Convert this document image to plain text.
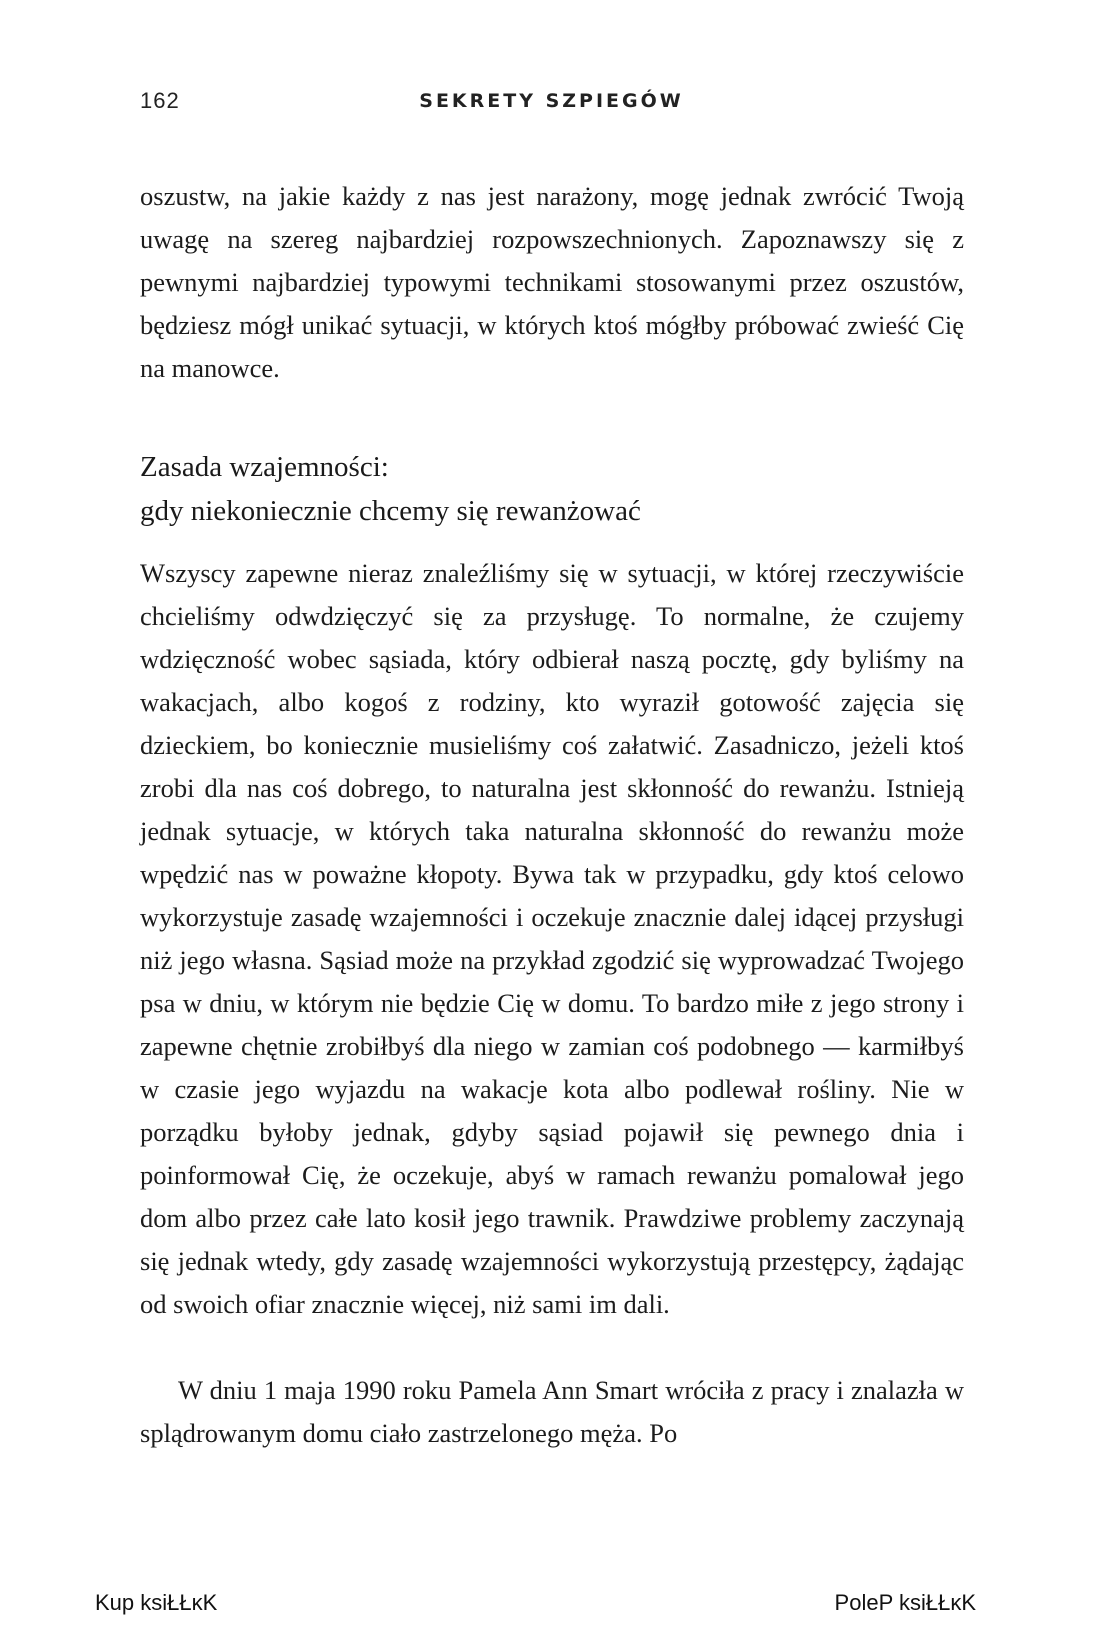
162	SEKRETY SZPIEGÓW

oszustw, na jakie każdy z nas jest narażony, mogę jednak zwrócić Twoją uwagę na szereg najbardziej rozpowszechnionych. Zapoznawszy się z pewnymi najbardziej typowymi technikami stosowanymi przez oszustów, będziesz mógł unikać sytuacji, w których ktoś mógłby próbować zwieść Cię na manowce.

Zasada wzajemności:
gdy niekoniecznie chcemy się rewanżować

Wszyscy zapewne nieraz znaleźliśmy się w sytuacji, w której rzeczywiście chcieliśmy odwdzięczyć się za przysługę. To normalne, że czujemy wdzięczność wobec sąsiada, który odbierał naszą pocztę, gdy byliśmy na wakacjach, albo kogoś z rodziny, kto wyraził gotowość zajęcia się dzieckiem, bo koniecznie musieliśmy coś załatwić. Zasadniczo, jeżeli ktoś zrobi dla nas coś dobrego, to naturalna jest skłonność do rewanżu. Istnieją jednak sytuacje, w których taka naturalna skłonność do rewanżu może wpędzić nas w poważne kłopoty. Bywa tak w przypadku, gdy ktoś celowo wykorzystuje zasadę wzajemności i oczekuje znacznie dalej idącej przysługi niż jego własna. Sąsiad może na przykład zgodzić się wyprowadzać Twojego psa w dniu, w którym nie będzie Cię w domu. To bardzo miłe z jego strony i zapewne chętnie zrobiłbyś dla niego w zamian coś podobnego — karmiłbyś w czasie jego wyjazdu na wakacje kota albo podlewał rośliny. Nie w porządku byłoby jednak, gdyby sąsiad pojawił się pewnego dnia i poinformował Cię, że oczekuje, abyś w ramach rewanżu pomalował jego dom albo przez całe lato kosił jego trawnik. Prawdziwe problemy zaczynają się jednak wtedy, gdy zasadę wzajemności wykorzystują przestępcy, żądając od swoich ofiar znacznie więcej, niż sami im dali.

W dniu 1 maja 1990 roku Pamela Ann Smart wróciła z pracy i znalazła w splądrowanym domu ciało zastrzelonego męża. Po

Kup ksiŁŁĸK	PoleP ksiŁŁĸK
